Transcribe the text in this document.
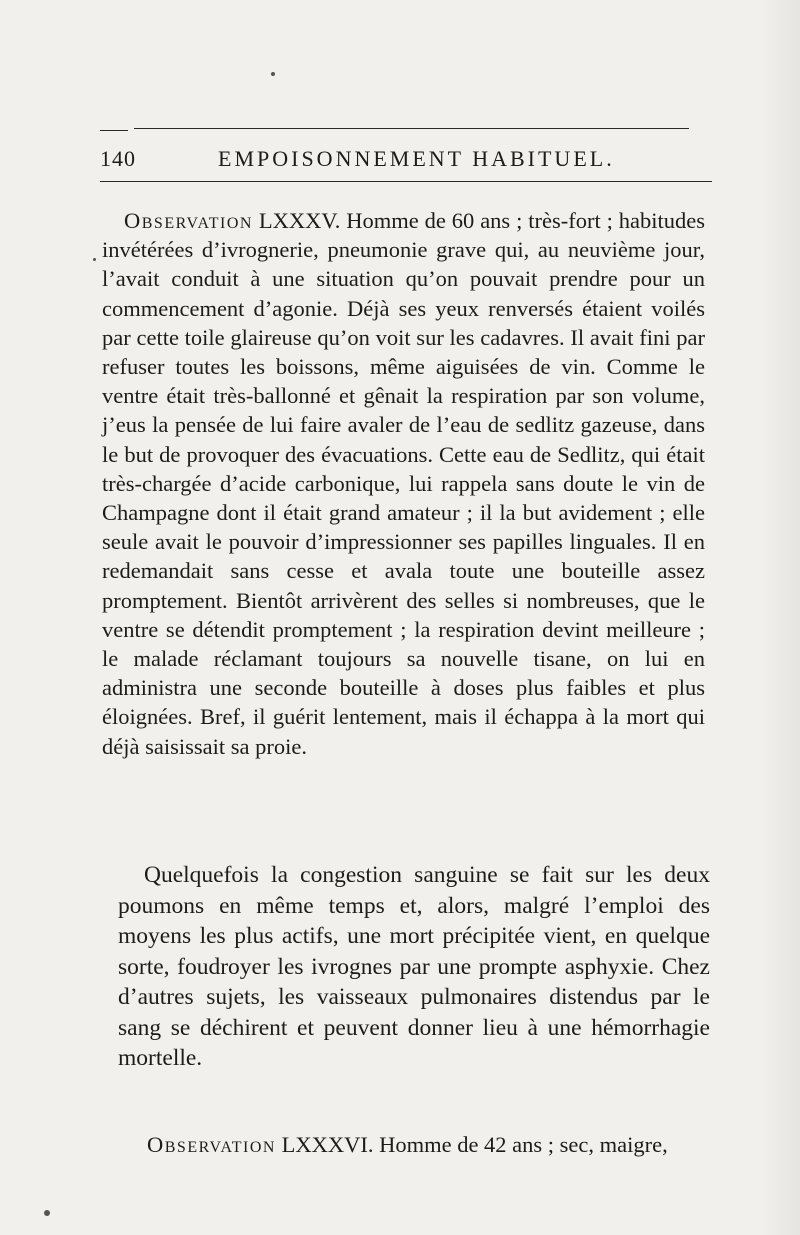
140	EMPOISONNEMENT HABITUEL.

Observation LXXXV. Homme de 60 ans ; très-fort ; habitudes invétérées d’ivrognerie, pneumonie grave qui, au neuvième jour, l’avait conduit à une situation qu’on pouvait prendre pour un commencement d’agonie. Déjà ses yeux renversés étaient voilés par cette toile glaireuse qu’on voit sur les cadavres. Il avait fini par refuser toutes les boissons, même aiguisées de vin. Comme le ventre était très-ballonné et gênait la respiration par son volume, j’eus la pensée de lui faire avaler de l’eau de sedlitz gazeuse, dans le but de provoquer des évacuations. Cette eau de Sedlitz, qui était très-chargée d’acide carbonique, lui rappela sans doute le vin de Champagne dont il était grand amateur ; il la but avidement ; elle seule avait le pouvoir d’impressionner ses papilles linguales. Il en redemandait sans cesse et avala toute une bouteille assez promptement. Bientôt arrivèrent des selles si nombreuses, que le ventre se détendit promptement ; la respiration devint meilleure ; le malade réclamant toujours sa nouvelle tisane, on lui en administra une seconde bouteille à doses plus faibles et plus éloignées. Bref, il guérit lentement, mais il échappa à la mort qui déjà saisissait sa proie.

Quelquefois la congestion sanguine se fait sur les deux poumons en même temps et, alors, malgré l’emploi des moyens les plus actifs, une mort précipitée vient, en quelque sorte, foudroyer les ivrognes par une prompte asphyxie. Chez d’autres sujets, les vaisseaux pulmonaires distendus par le sang se déchirent et peuvent donner lieu à une hémorrhagie mortelle.

Observation LXXXVI. Homme de 42 ans ; sec, maigre,
